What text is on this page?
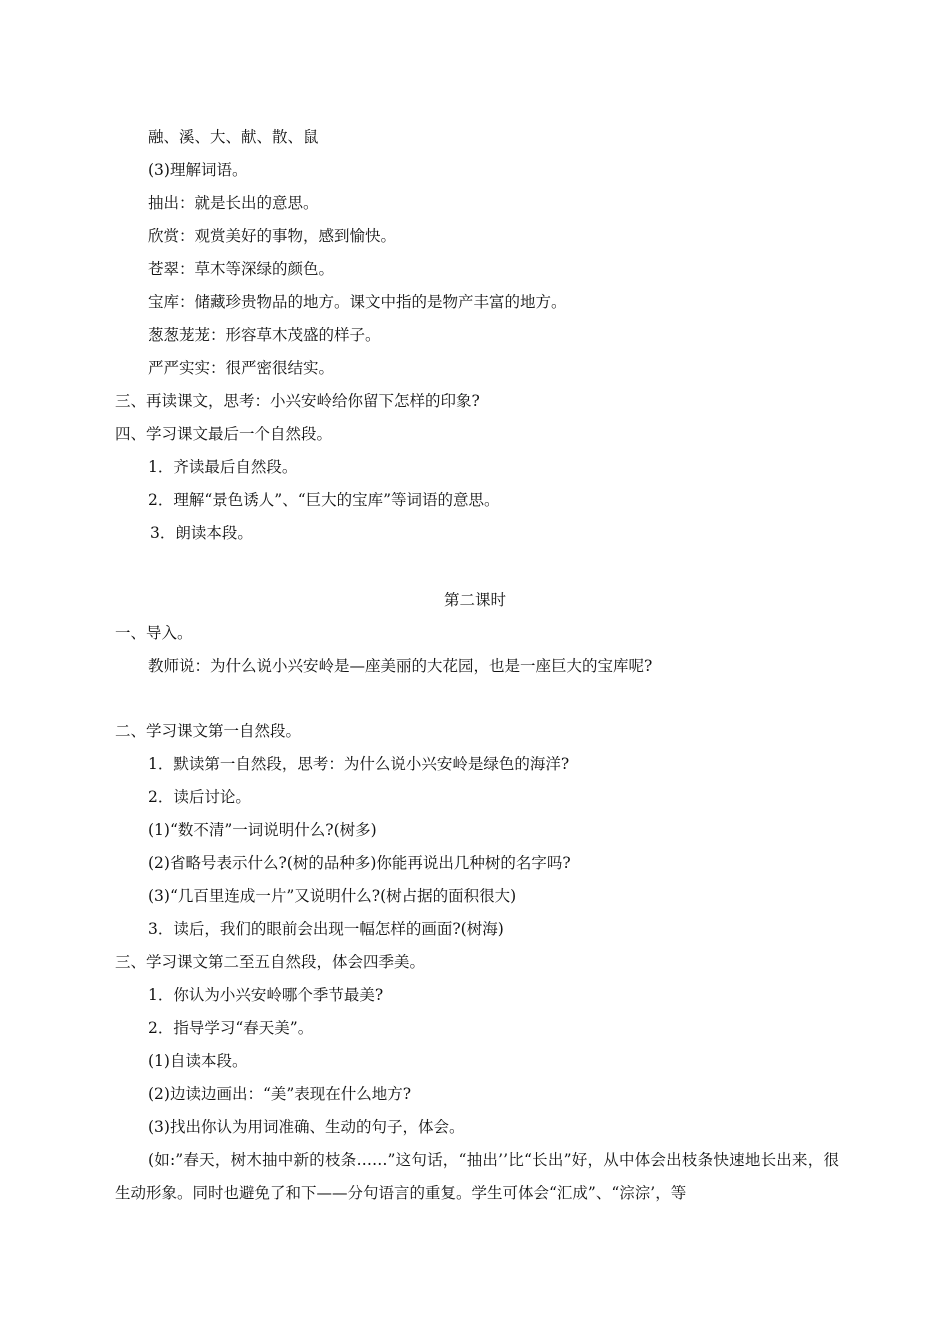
融、溪、大、献、散、鼠
(3)理解词语。
抽出：就是长出的意思。
欣赏：观赏美好的事物，感到愉快。
苍翠：草木等深绿的颜色。
宝库：储藏珍贵物品的地方。课文中指的是物产丰富的地方。
葱葱茏茏：形容草木茂盛的样子。
严严实实：很严密很结实。
三、再读课文，思考：小兴安岭给你留下怎样的印象?
四、学习课文最后一个自然段。
1．齐读最后自然段。
2．理解“景色诱人”、“巨大的宝库”等词语的意思。
3．朗读本段。
第二课时
一、导入。
教师说：为什么说小兴安岭是—座美丽的大花园，也是一座巨大的宝库呢?
二、学习课文第一自然段。
1．默读第一自然段，思考：为什么说小兴安岭是绿色的海洋?
2．读后讨论。
(1)“数不清”一词说明什么?(树多)
(2)省略号表示什么?(树的品种多)你能再说出几种树的名字吗?
(3)“几百里连成一片”又说明什么?(树占据的面积很大)
3．读后，我们的眼前会出现一幅怎样的画面?(树海)
三、学习课文第二至五自然段，体会四季美。
1．你认为小兴安岭哪个季节最美?
2．指导学习“春天美”。
(1)自读本段。
(2)边读边画出：“美”表现在什么地方?
(3)找出你认为用词准确、生动的句子，体会。
(如:”春天，树木抽中新的枝条……”这句话，“抽出’’比“长出”好，从中体会出枝条快速地长出来，很生动形象。同时也避免了和下——分句语言的重复。学生可体会“汇成”、“淙淙’，等
